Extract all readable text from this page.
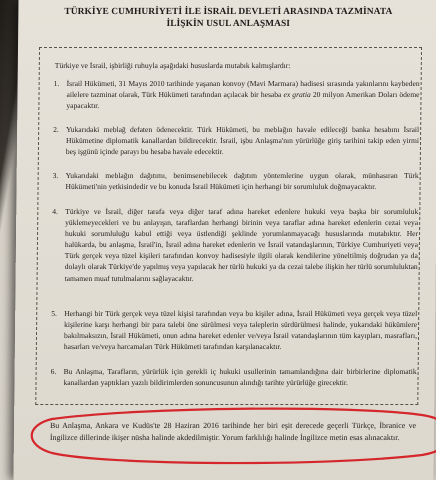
TÜRKİYE CUMHURİYETİ İLE İSRAİL DEVLETİ ARASINDA TAZMİNATA
İLİŞKİN USUL ANLAŞMASI
Türkiye ve İsrail, işbirliği ruhuyla aşağıdaki hususlarda mutabık kalmışlardır:
1. İsrail Hükümeti, 31 Mayıs 2010 tarihinde yaşanan konvoy (Mavi Marmara) hadisesi sırasında yakınlarını kaybeden ailelere tazminat olarak, Türk Hükümeti tarafından açılacak bir hesaba ex gratia 20 milyon Amerikan Doları ödeme yapacaktır.
2. Yukarıdaki meblağ defaten ödenecektir. Türk Hükümeti, bu meblağın havale edileceği banka hesabını İsrail Hükümetine diplomatik kanallardan bildirecektir. İsrail, işbu Anlaşma'nın yürürlüğe giriş tarihini takip eden yirmi beş işgünü içinde parayı bu hesaba havale edecektir.
3. Yukarıdaki meblağın dağıtımı, benimsenebilecek dağıtım yöntemlerine uygun olarak, münhasıran Türk Hükümeti'nin yetkisindedir ve bu konuda İsrail Hükümeti için herhangi bir sorumluluk doğmayacaktır.
4. Türkiye ve İsrail, diğer tarafa veya diğer taraf adına hareket edenlere hukuki veya başka bir sorumluluk yüklemeyecekleri ve bu anlayışın, taraflardan herhangi birinin veya taraflar adına hareket edenlerin cezai veya hukuki sorumluluğu kabul ettiği veya üstlendiği şeklinde yorumlanmayacağı hususlarında mutabıktır. Her halükarda, bu anlaşma, İsrail'in, İsrail adına hareket edenlerin ve İsrail vatandaşlarının, Türkiye Cumhuriyeti veya Türk gerçek veya tüzel kişileri tarafından konvoy hadisesiyle ilgili olarak kendilerine yöneltilmiş doğrudan ya da dolaylı olarak Türkiye'de yapılmış veya yapılacak her türlü hukuki ya da cezai talebe ilişkin her türlü sorumluluktan tamamen muaf tutulmalarını sağlayacaktır.
5. Herhangi bir Türk gerçek veya tüzel kişisi tarafından veya bu kişiler adına, İsrail Hükümeti veya gerçek veya tüzel kişilerine karşı herhangi bir para talebi öne sürülmesi veya taleplerin sürdürülmesi halinde, yukarıdaki hükümlere bakılmaksızın, İsrail Hükümeti, onun adına hareket edenler ve/veya İsrail vatandaşlarının tüm kayıpları, masrafları, hasarları ve/veya harcamaları Türk Hükümeti tarafından karşılanacaktır.
6. Bu Anlaşma, Tarafların, yürürlük için gerekli iç hukuki usullerinin tamamlandığına dair birbirlerine diplomatik kanallardan yaptıkları yazılı bildirimlerden sonuncusunun alındığı tarihte yürürlüğe girecektir.
Bu Anlaşma, Ankara ve Kudüs'te 28 Haziran 2016 tarihinde her biri eşit derecede geçerli Türkçe, İbranice ve İngilizce dillerinde ikişer nüsha halinde akdedilmiştir. Yorum farklılığı halinde İngilizce metin esas alınacaktır.
